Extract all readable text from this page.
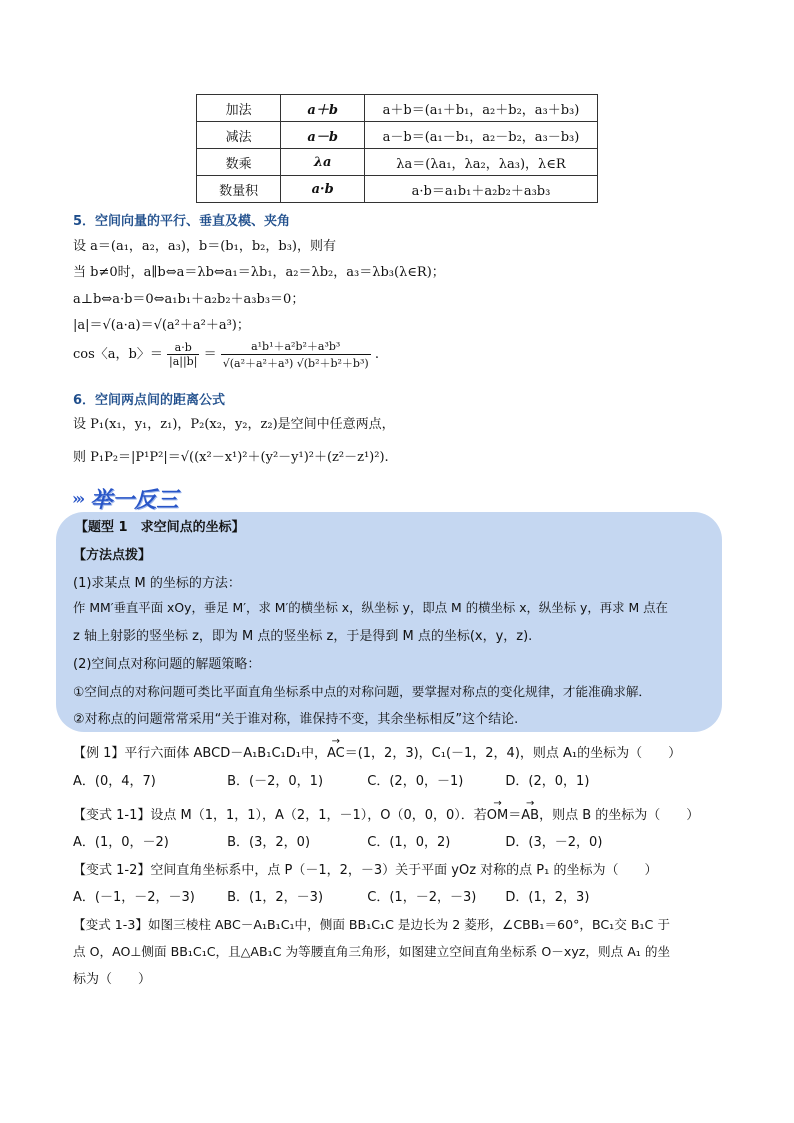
加法	a＋b	a＋b＝(a₁＋b₁，a₂＋b₂，a₃＋b₃)
减法	a－b	a－b＝(a₁－b₁，a₂－b₂，a₃－b₃)
数乘	λa	λa＝(λa₁，λa₂，λa₃)，λ∈R
数量积	a·b	a·b＝a₁b₁＋a₂b₂＋a₃b₃
5．空间向量的平行、垂直及模、夹角
设 a＝(a₁，a₂，a₃)，b＝(b₁，b₂，b₃)，则有
当 b≠0时，a∥b⇔a＝λb⇔a₁＝λb₁，a₂＝λb₂，a₃＝λb₃(λ∈R)；
a⊥b⇔a·b＝0⇔a₁b₁＋a₂b₂＋a₃b₃＝0；
|a|＝√(a·a)＝√(a²＋a²＋a³)；
cos〈a，b〉＝ $\frac{a\cdot b}{|a||b|} = \frac{\text{a¹b¹＋a²b²＋a³b³}}{\text{√(a²＋a²＋a³) √(b²＋b²＋b³)}}$ .
6．空间两点间的距离公式
设 P₁(x₁，y₁，z₁)，P₂(x₂，y₂，z₂)是空间中任意两点，
则 P₁P₂＝|P¹P²|＝√((x²－x¹)²＋(y²－y¹)²＋(z²－z¹)²).
››› 举一反三
【题型 1　求空间点的坐标】
【方法点拨】
(1)求某点 M 的坐标的方法：
作 MM′垂直平面 xOy，垂足 M′，求 M′的横坐标 x，纵坐标 y，即点 M 的横坐标 x，纵坐标 y，再求 M 点在
z 轴上射影的竖坐标 z，即为 M 点的竖坐标 z，于是得到 M 点的坐标(x，y，z).
(2)空间点对称问题的解题策略：
①空间点的对称问题可类比平面直角坐标系中点的对称问题，要掌握对称点的变化规律，才能准确求解．
②对称点的问题常常采用“关于谁对称，谁保持不变，其余坐标相反”这个结论.
【例 1】平行六面体 ABCD－A₁B₁C₁D₁中，→ AC＝(1，2，3)，C₁(－1，2，4)，则点 A₁的坐标为（　　）
A．(0，4，7)	B．(－2，0，1)	C．(2，0，－1)	D．(2，0，1)
【变式 1-1】设点 M（1，1，1），A（2，1，－1），O（0，0，0）．若→ OM＝→ AB，则点 B 的坐标为（　　）
A．(1，0，－2)	B．(3，2，0)	C．(1，0，2)	D．(3，－2，0)
【变式 1-2】空间直角坐标系中，点 P（－1，2，－3）关于平面 yOz 对称的点 P₁ 的坐标为（　　）
A．(－1，－2，－3) B．(1，2，－3)	C．(1，－2，－3) D．(1，2，3)
【变式 1-3】如图三棱柱 ABC－A₁B₁C₁中，侧面 BB₁C₁C 是边长为 2 菱形，∠CBB₁＝60°，BC₁交 B₁C 于
点 O，AO⊥侧面 BB₁C₁C，且△AB₁C 为等腰直角三角形，如图建立空间直角坐标系 O－xyz，则点 A₁ 的坐
标为（　　）
